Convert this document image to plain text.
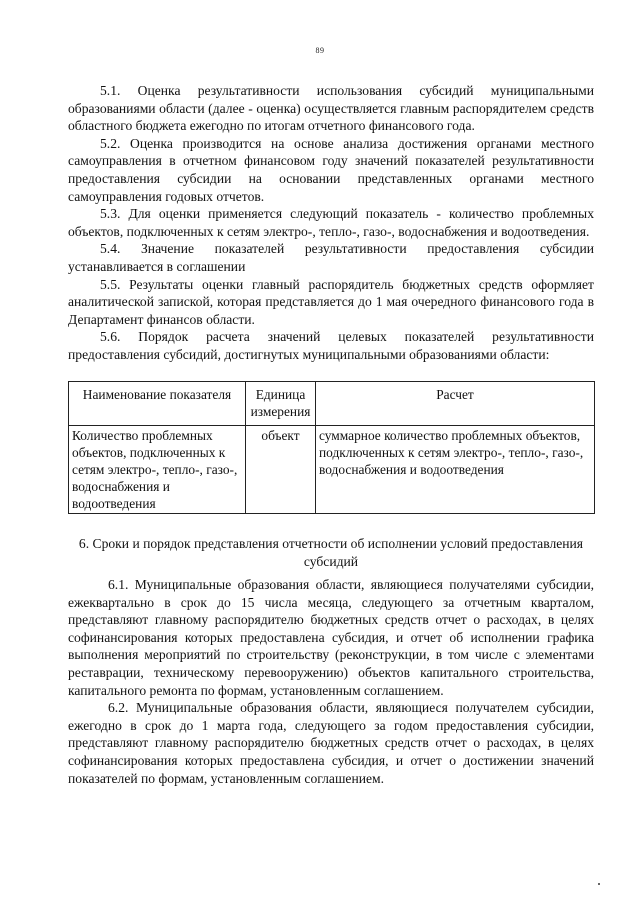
89

5.1. Оценка результативности использования субсидий муниципальными образованиями области (далее - оценка) осуществляется главным распорядителем средств областного бюджета ежегодно по итогам отчетного финансового года.

5.2. Оценка производится на основе анализа достижения органами местного самоуправления в отчетном финансовом году значений показателей результативности предоставления субсидии на основании представленных органами местного самоуправления годовых отчетов.

5.3. Для оценки применяется следующий показатель - количество проблемных объектов, подключенных к сетям электро-, тепло-, газо-, водоснабжения и водоотведения.

5.4. Значение показателей результативности предоставления субсидии устанавливается в соглашении

5.5. Результаты оценки главный распорядитель бюджетных средств оформляет аналитической запиской, которая представляется до 1 мая очередного финансового года в Департамент финансов области.

5.6. Порядок расчета значений целевых показателей результативности предоставления субсидий, достигнутых муниципальными образованиями области:

Наименование показателя	Единица измерения	Расчет
Количество проблемных объектов, подключенных к сетям электро-, тепло-, газо-, водоснабжения и водоотведения	объект	суммарное количество проблемных объектов, подключенных к сетям электро-, тепло-, газо-, водоснабжения и водоотведения

6. Сроки и порядок представления отчетности об исполнении условий предоставления субсидий

6.1. Муниципальные образования области, являющиеся получателями субсидии, ежеквартально в срок до 15 числа месяца, следующего за отчетным кварталом, представляют главному распорядителю бюджетных средств отчет о расходах, в целях софинансирования которых предоставлена субсидия, и отчет об исполнении графика выполнения мероприятий по строительству (реконструкции, в том числе с элементами реставрации, техническому перевооружению) объектов капитального строительства, капитального ремонта по формам, установленным соглашением.

6.2. Муниципальные образования области, являющиеся получателем субсидии, ежегодно в срок до 1 марта года, следующего за годом предоставления субсидии, представляют главному распорядителю бюджетных средств отчет о расходах, в целях софинансирования которых предоставлена субсидия, и отчет о достижении значений показателей по формам, установленным соглашением.
